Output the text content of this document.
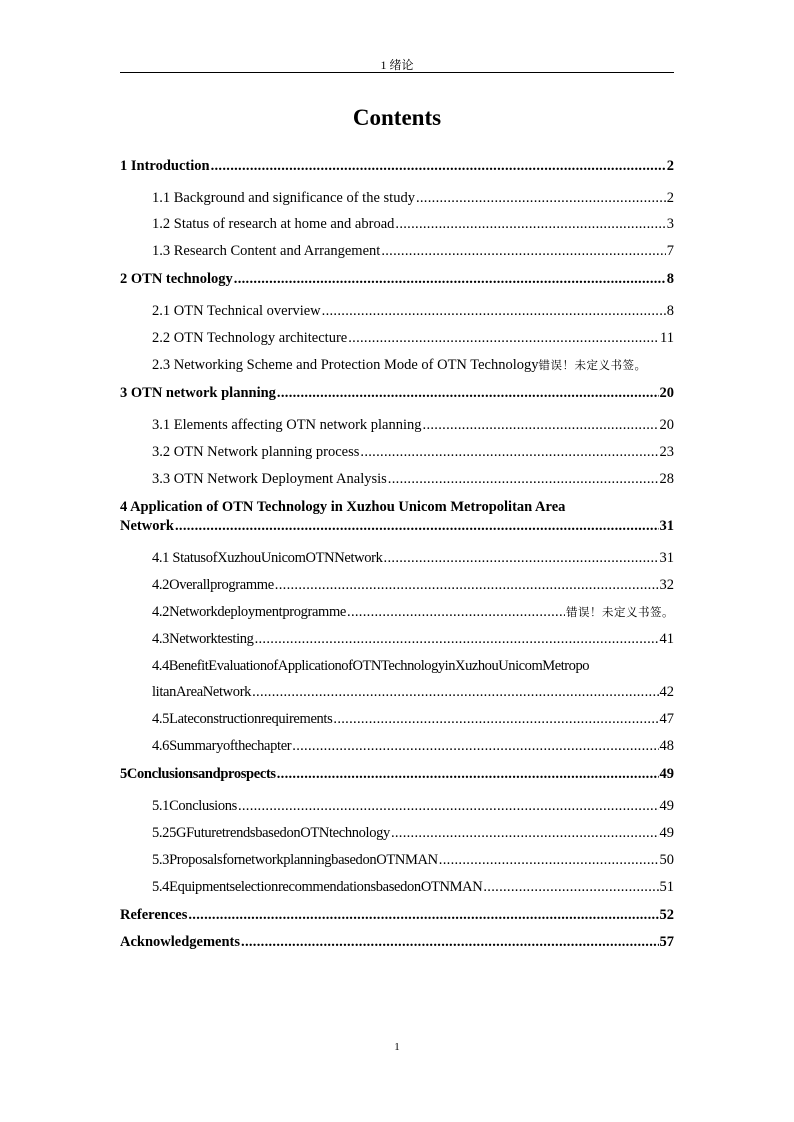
1 绪论
Contents
1 Introduction .....	2
1.1 Background and significance of the study .....	2
1.2 Status of research at home and abroad .....	3
1.3 Research Content and Arrangement .....	7
2 OTN technology .....	8
2.1 OTN Technical overview .....	8
2.2 OTN Technology architecture .....	11
2.3 Networking Scheme and Protection Mode of OTN Technology 错误！未定义书签。
3 OTN network planning .....	20
3.1 Elements affecting OTN network planning .....	20
3.2 OTN Network planning process .....	23
3.3 OTN Network Deployment Analysis .....	28
4 Application of OTN Technology in Xuzhou Unicom Metropolitan Area
Network .....	31
4.1 StatusofXuzhouUnicomOTNNetwork .....	31
4.2Overallprogramme .....	32
4.2Networkdeploymentprogramme .....	错误！未定义书签。
4.3Networktesting .....	41
4.4BenefitEvaluationofApplicationofOTNTechnologyinXuzhouUnicomMetropo
litanAreaNetwork .....	42
4.5Lateconstructionrequirements .....	47
4.6Summaryofthechapter .....	48
5Conclusionsandprospects .....	49
5.1Conclusions .....	49
5.25GFuturetrendsbasedonOTNtechnology .....	49
5.3ProposalsfornetworkplanningbasedonOTNMAN .....	50
5.4EquipmentselectionrecommendationsbasedonOTNMAN .....	51
References .....	52
Acknowledgements .....	57
1
